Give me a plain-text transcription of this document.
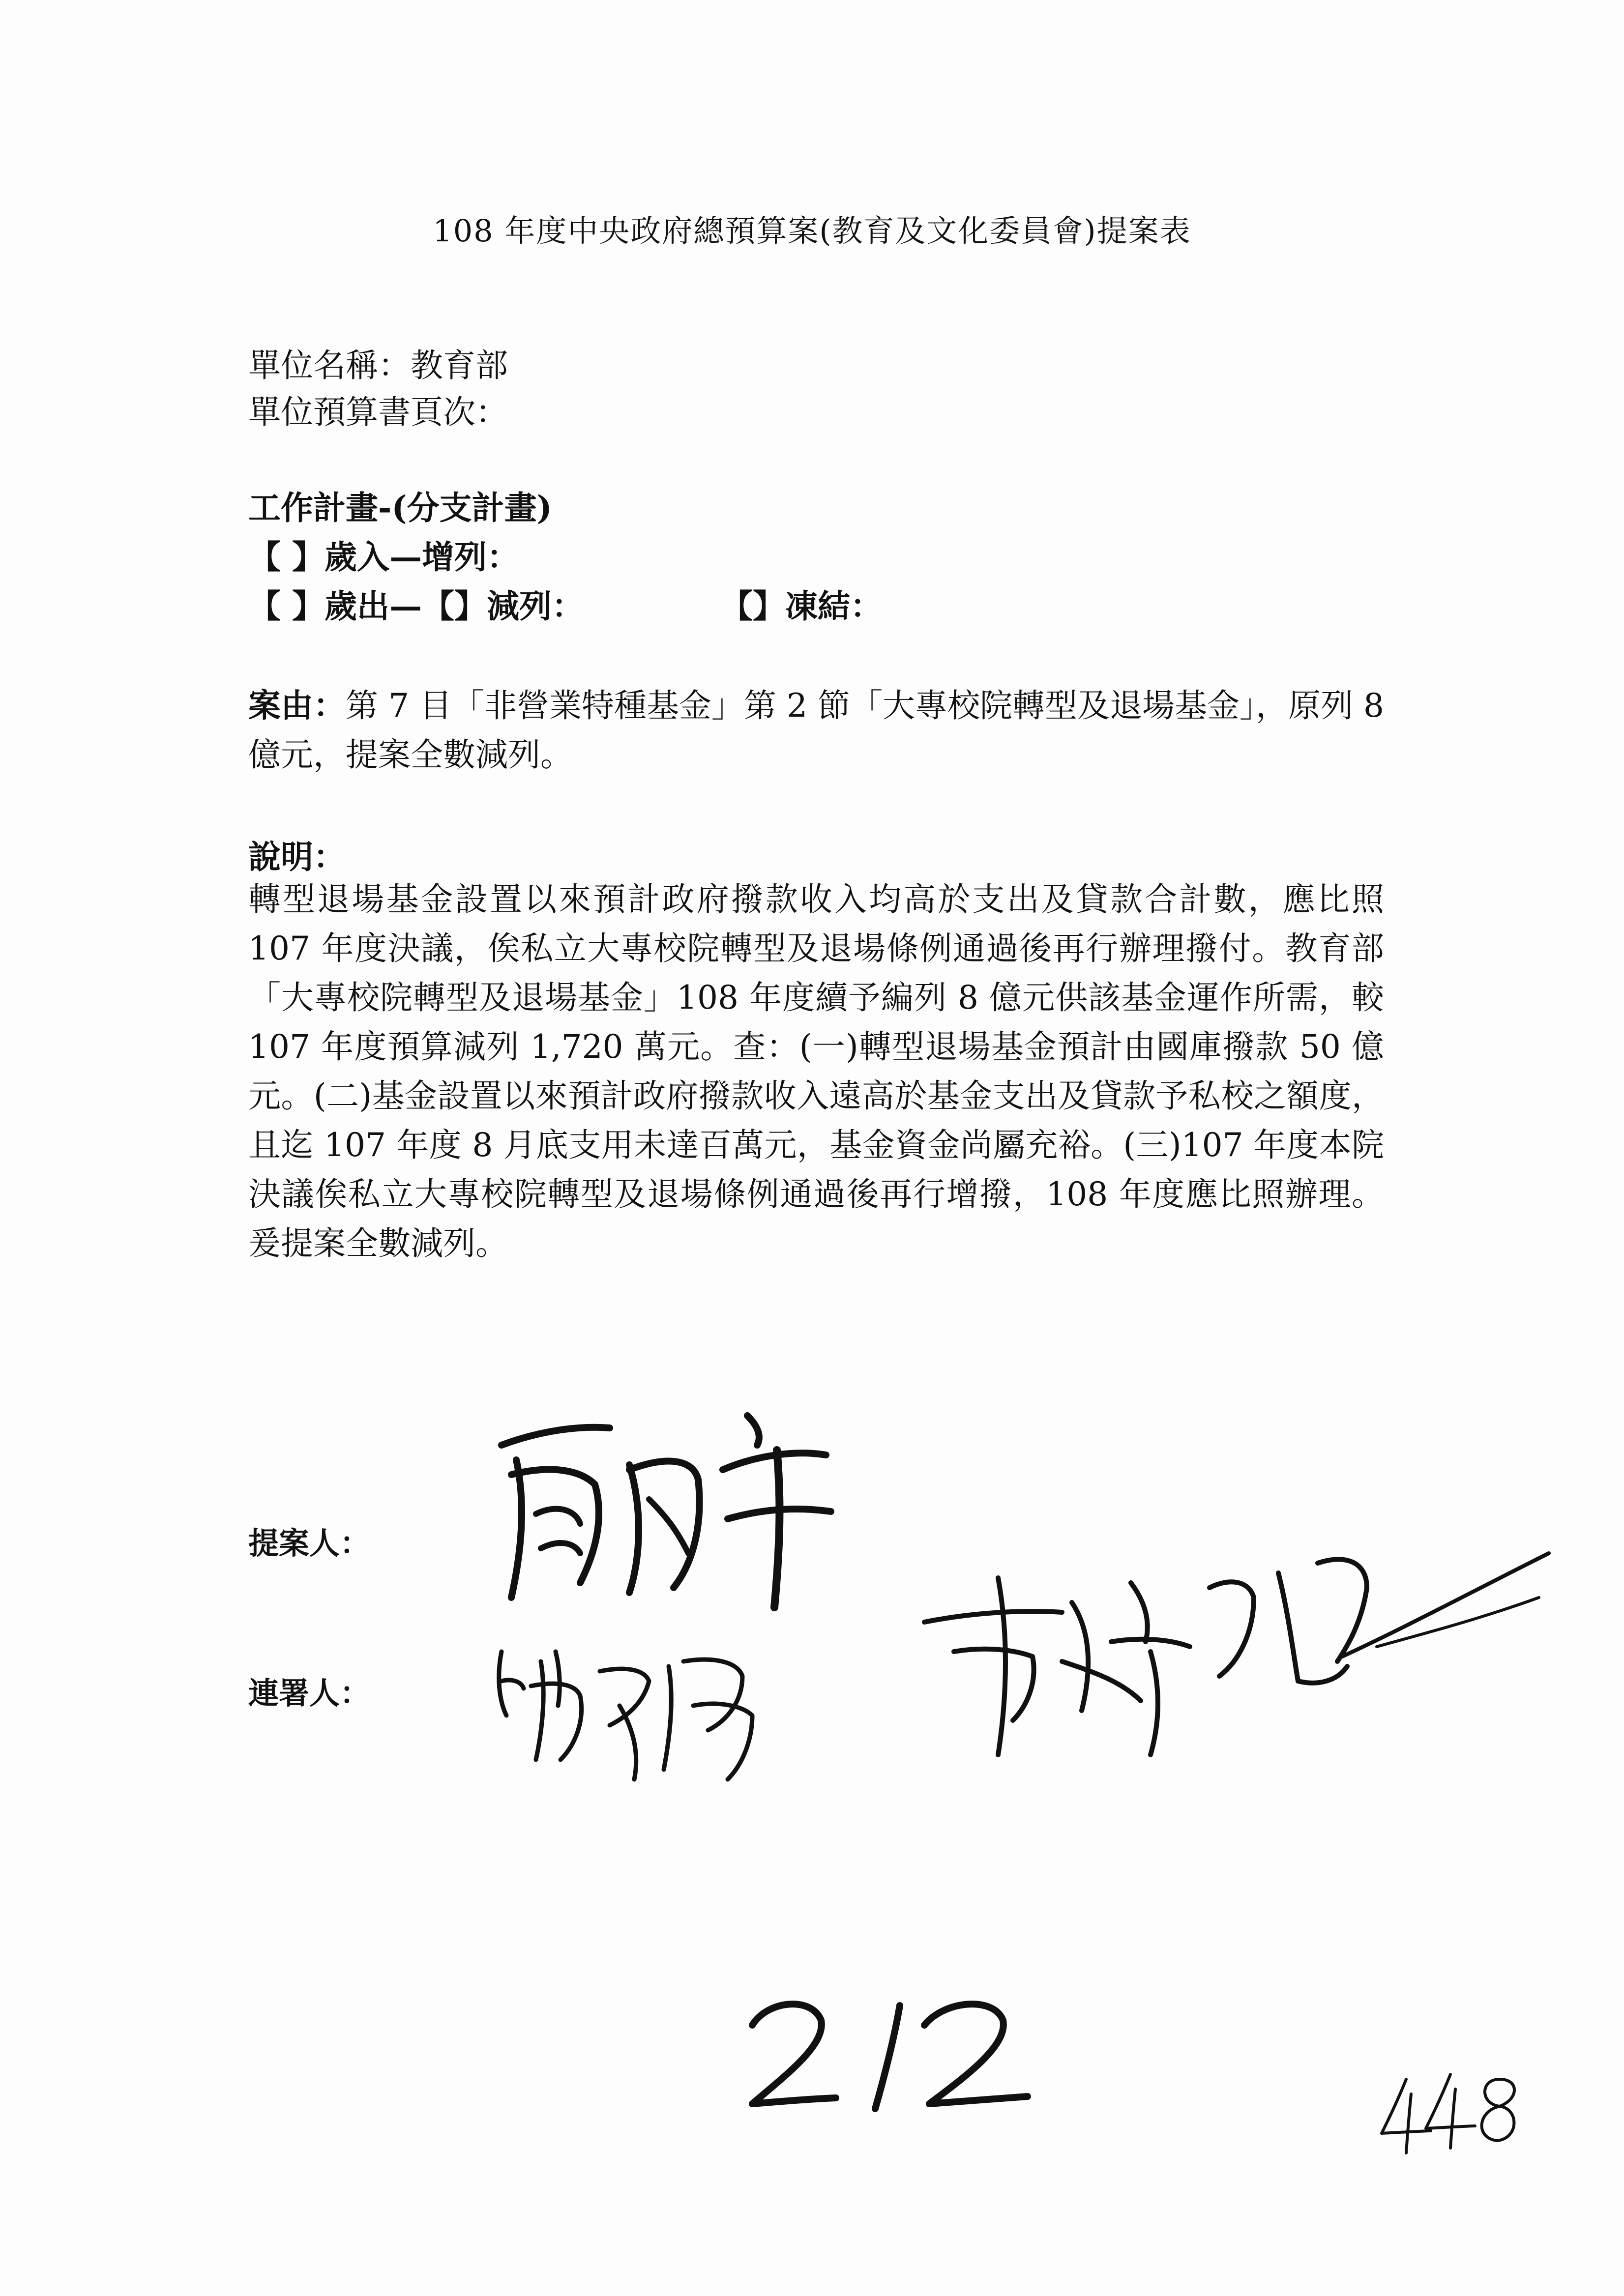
108 年度中央政府總預算案(教育及文化委員會)提案表
單位名稱：教育部
單位預算書頁次：
工作計畫-(分支計畫)
【 】歲入—增列：
【 】歲出—【】減列：	【】凍結：
案由：第 7 目「非營業特種基金」第 2 節「大專校院轉型及退場基金」，原列 8 億元，提案全數減列。
說明：
轉型退場基金設置以來預計政府撥款收入均高於支出及貸款合計數，應比照 107 年度決議，俟私立大專校院轉型及退場條例通過後再行辦理撥付。教育部「大專校院轉型及退場基金」108 年度續予編列 8 億元供該基金運作所需，較 107 年度預算減列 1,720 萬元。查：(一)轉型退場基金預計由國庫撥款 50 億元。(二)基金設置以來預計政府撥款收入遠高於基金支出及貸款予私校之額度，且迄 107 年度 8 月底支用未達百萬元，基金資金尚屬充裕。(三)107 年度本院決議俟私立大專校院轉型及退場條例通過後再行增撥，108 年度應比照辦理。爰提案全數減列。
提案人：
連署人：
